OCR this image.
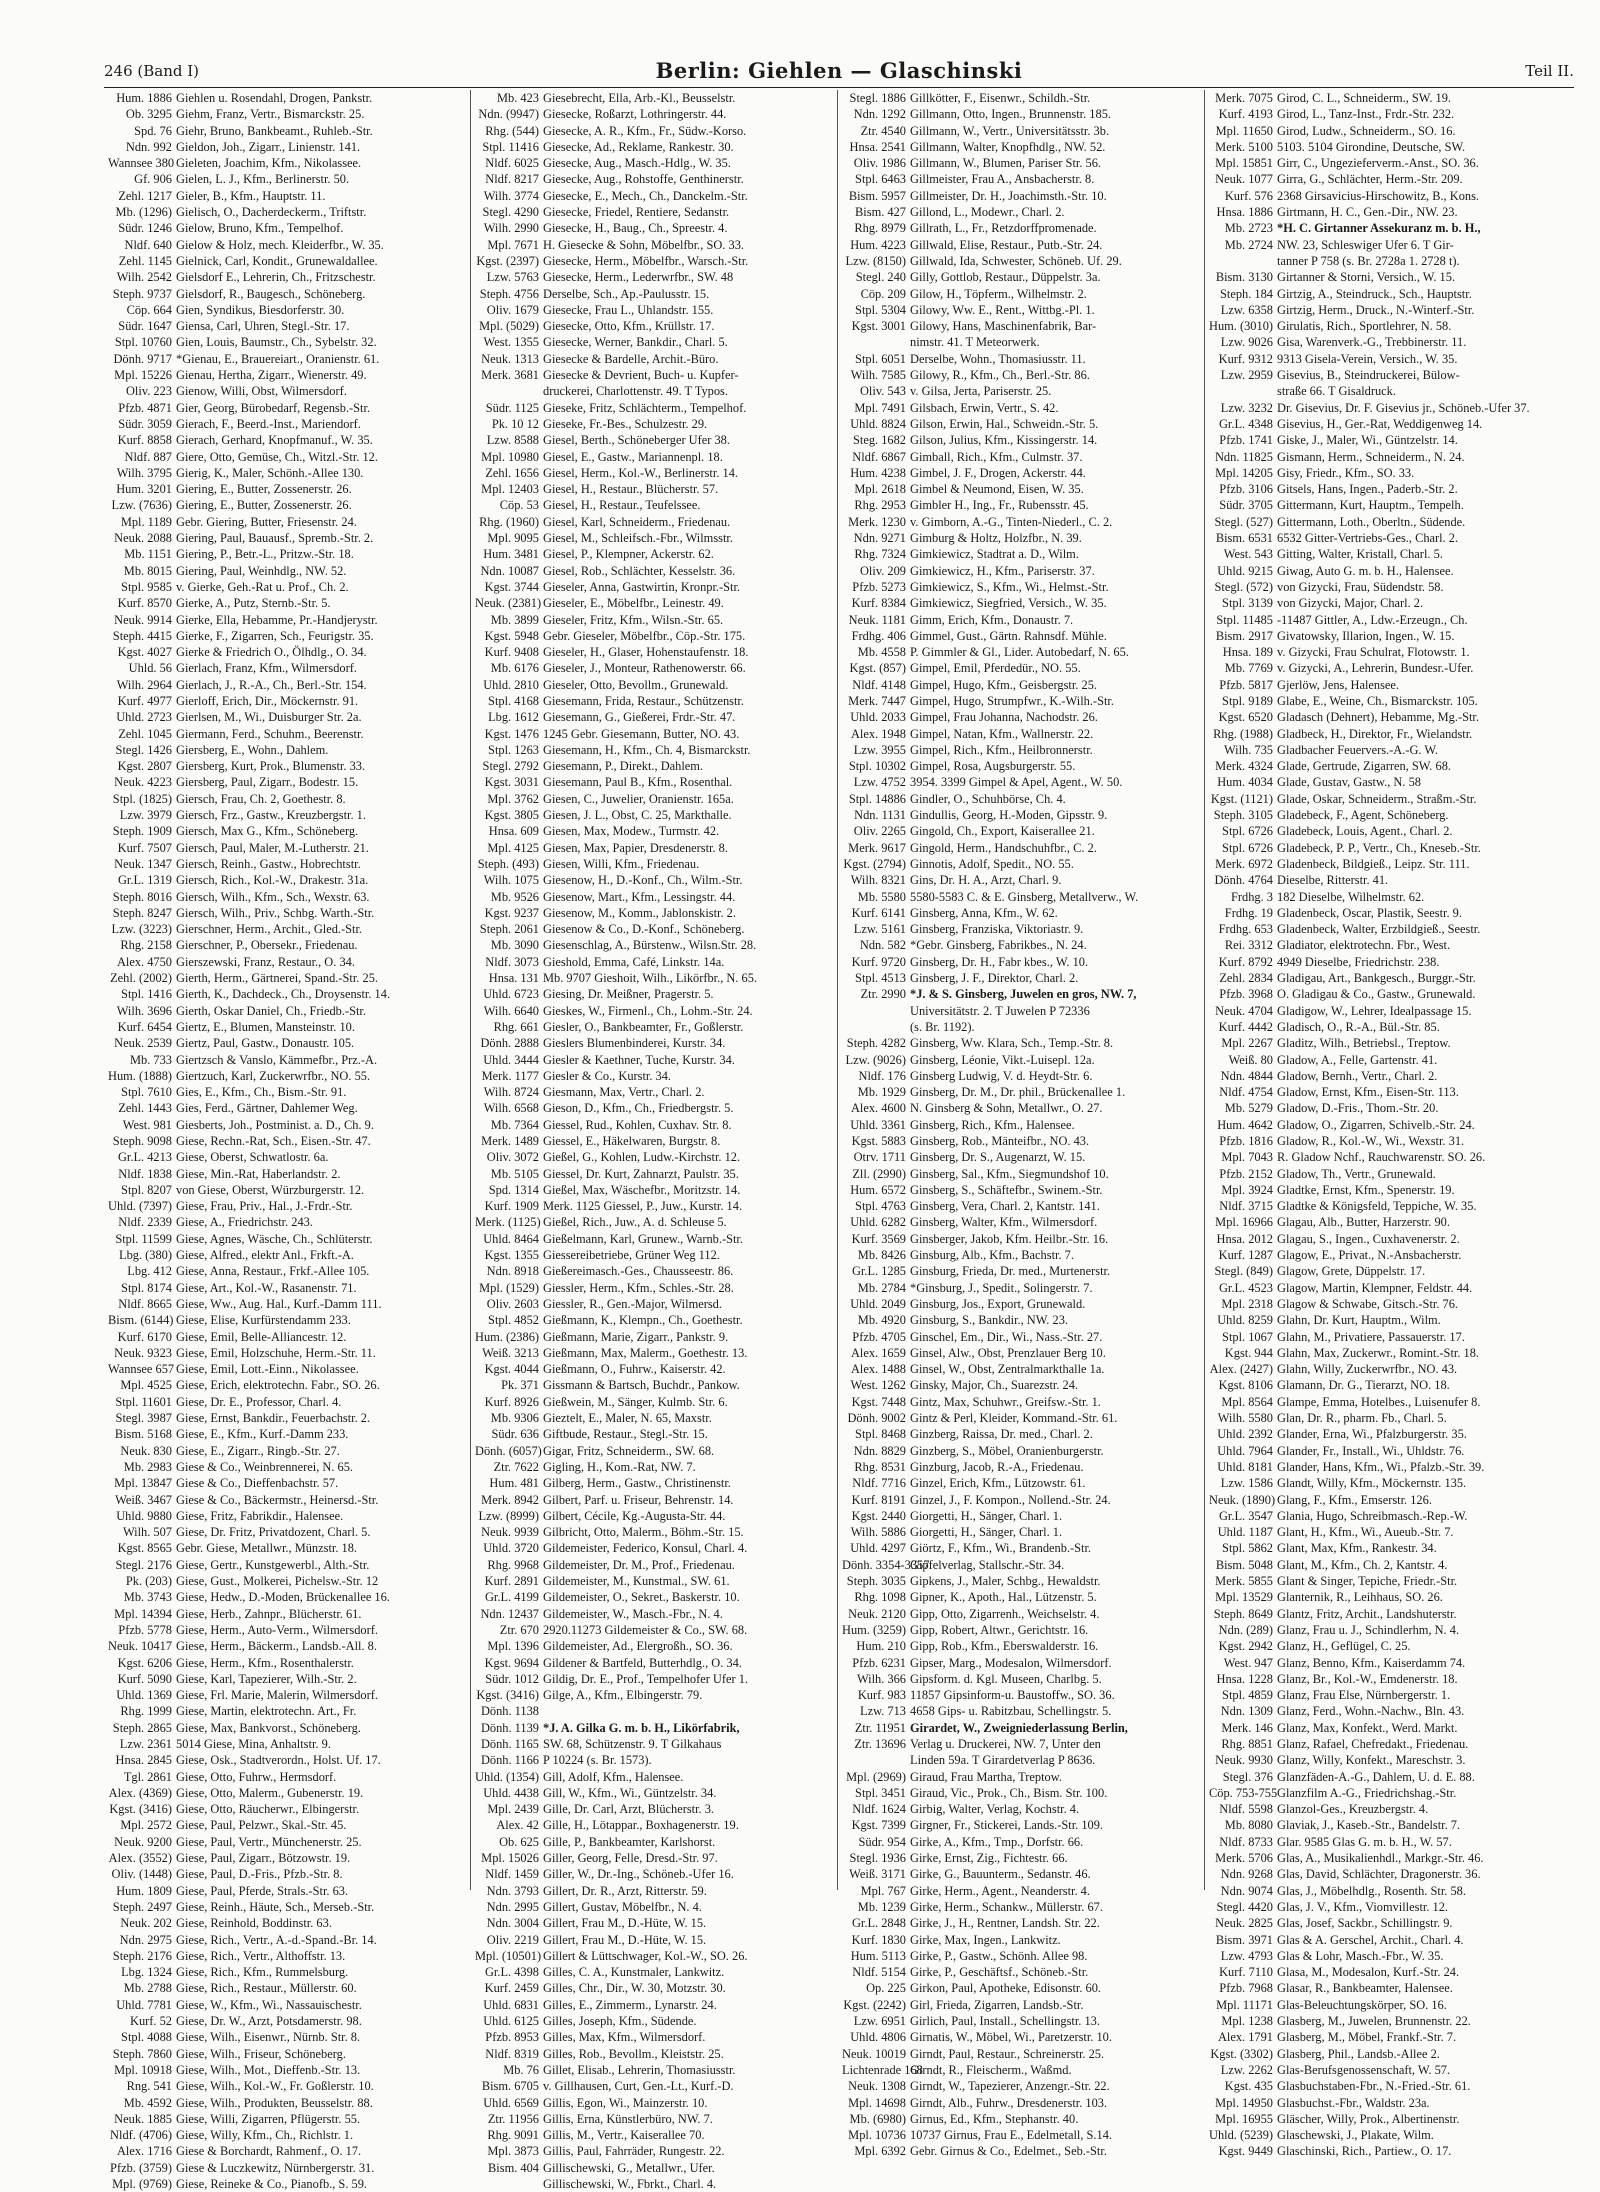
246 (Band I)	Berlin: Giehlen — Glaschinski	Teil II.
Hum. 1886 Giehlen u. Rosendahl, Drogen, Pankstr.
Ob. 3295 Giehm, Franz, Vertr., Bismarckstr. 25.
Spd. 76 Giehr, Bruno, Bankbeamt., Ruhleb.-Str.
Ndn. 992 Gieldon, Joh., Zigarr., Linienstr. 141.
Wannsee 380 Gieleten, Joachim, Kfm., Nikolassee.
Gf. 906 Gielen, L. J., Kfm., Berlinerstr. 50.
Zehl. 1217 Gieler, B., Kfm., Hauptstr. 11.
Mb. (1296) Gielisch, O., Dacherdeckerm., Triftstr.
Südr. 1246 Gielow, Bruno, Kfm., Tempelhof.
Nldf. 640 Gielow & Holz, mech. Kleiderfbr., W. 35.
Zehl. 1145 Gielnick, Carl, Kondit., Grunewaldallee.
Wilh. 2542 Gielsdorf E., Lehrerin, Ch., Fritzschestr.
Steph. 9737 Gielsdorf, R., Baugesch., Schöneberg.
Cöp. 664 Gien, Syndikus, Biesdorferstr. 30.
Südr. 1647 Giensa, Carl, Uhren, Stegl.-Str. 17.
Stpl. 10760 Gien, Louis, Baumstr., Ch., Sybelstr. 32.
Dönh. 9717 *Gienau, E., Brauereiart., Oranienstr. 61.
Mpl. 15226 Gienau, Hertha, Zigarr., Wienerstr. 49.
Oliv. 223 Gienow, Willi, Obst, Wilmersdorf.
Pfzb. 4871 Gier, Georg, Bürobedarf, Regensb.-Str.
Südr. 3059 Gierach, F., Beerd.-Inst., Mariendorf.
Kurf. 8858 Gierach, Gerhard, Knopfmanuf., W. 35.
Nldf. 887 Giere, Otto, Gemüse, Ch., Witzl.-Str. 12.
Wilh. 3795 Gierig, K., Maler, Schönh.-Allee 130.
Hum. 3201 Giering, E., Butter, Zossenerstr. 26.
Lzw. (7636) Giering, E., Butter, Zossenerstr. 26.
Mpl. 1189 Gebr. Giering, Butter, Friesenstr. 24.
Neuk. 2088 Giering, Paul, Bauausf., Spremb.-Str. 2.
Mb. 1151 Giering, P., Betr.-L., Pritzw.-Str. 18.
Mb. 8015 Giering, Paul, Weinhdlg., NW. 52.
Stpl. 9585 v. Gierke, Geh.-Rat u. Prof., Ch. 2.
Kurf. 8570 Gierke, A., Putz, Sternb.-Str. 5.
Neuk. 9914 Gierke, Ella, Hebamme, Pr.-Handjerystr.
Steph. 4415 Gierke, F., Zigarren, Sch., Feurigstr. 35.
Kgst. 4027 Gierke & Friedrich O., Ölhdlg., O. 34.
Uhld. 56 Gierlach, Franz, Kfm., Wilmersdorf.
Wilh. 2964 Gierlach, J., R.-A., Ch., Berl.-Str. 154.
Kurf. 4977 Gierloff, Erich, Dir., Möckernstr. 91.
Uhld. 2723 Gierlsen, M., Wi., Duisburger Str. 2a.
Zehl. 1045 Giermann, Ferd., Schuhm., Beerenstr.
Stegl. 1426 Giersberg, E., Wohn., Dahlem.
Kgst. 2807 Giersberg, Kurt, Prok., Blumenstr. 33.
Neuk. 4223 Giersberg, Paul, Zigarr., Bodestr. 15.
Stpl. (1825) Giersch, Frau, Ch. 2, Goethestr. 8.
Lzw. 3979 Giersch, Frz., Gastw., Kreuzbergstr. 1.
Steph. 1909 Giersch, Max G., Kfm., Schöneberg.
Kurf. 7507 Giersch, Paul, Maler, M.-Lutherstr. 21.
Neuk. 1347 Giersch, Reinh., Gastw., Hobrechtstr.
Gr.L. 1319 Giersch, Rich., Kol.-W., Drakestr. 31a.
Steph. 8016 Giersch, Wilh., Kfm., Sch., Wexstr. 63.
Steph. 8247 Giersch, Wilh., Priv., Schbg. Warth.-Str.
Lzw. (3223) Gierschner, Herm., Archit., Gled.-Str.
Rhg. 2158 Gierschner, P., Obersekr., Friedenau.
Alex. 4750 Gierszewski, Franz, Restaur., O. 34.
Zehl. (2002) Gierth, Herm., Gärtnerei, Spand.-Str. 25.
Stpl. 1416 Gierth, K., Dachdeck., Ch., Droysenstr. 14.
Wilh. 3696 Gierth, Oskar Daniel, Ch., Friedb.-Str.
Kurf. 6454 Giertz, E., Blumen, Mansteinstr. 10.
Neuk. 2539 Giertz, Paul, Gastw., Donaustr. 105.
Mb. 733 Giertzsch & Vanslo, Kämmefbr., Prz.-A.
Hum. (1888) Giertzuch, Karl, Zuckerwrfbr., NO. 55.
Stpl. 7610 Gies, E., Kfm., Ch., Bism.-Str. 91.
Zehl. 1443 Gies, Ferd., Gärtner, Dahlemer Weg.
West. 981 Giesberts, Joh., Postminist. a. D., Ch. 9.
Steph. 9098 Giese, Rechn.-Rat, Sch., Eisen.-Str. 47.
Gr.L. 4213 Giese, Oberst, Schwatlostr. 6a.
Nldf. 1838 Giese, Min.-Rat, Haberlandstr. 2.
Stpl. 8207 von Giese, Oberst, Würzburgerstr. 12.
Uhld. (7397) Giese, Frau, Priv., Hal., J.-Frdr.-Str.
Nldf. 2339 Giese, A., Friedrichstr. 243.
Stpl. 11599 Giese, Agnes, Wäsche, Ch., Schlüterstr.
Lbg. (380) Giese, Alfred., elektr Anl., Frkft.-A.
Lbg. 412 Giese, Anna, Restaur., Frkf.-Allee 105.
Stpl. 8174 Giese, Art., Kol.-W., Rasanenstr. 71.
Nldf. 8665 Giese, Ww., Aug. Hal., Kurf.-Damm 111.
Bism. (6144) Giese, Elise, Kurfürstendamm 233.
Kurf. 6170 Giese, Emil, Belle-Alliancestr. 12.
Neuk. 9323 Giese, Emil, Holzschuhe, Herm.-Str. 11.
Wannsee 657 Giese, Emil, Lott.-Einn., Nikolassee.
Mpl. 4525 Giese, Erich, elektrotechn. Fabr., SO. 26.
Stpl. 11601 Giese, Dr. E., Professor, Charl. 4.
Stegl. 3987 Giese, Ernst, Bankdir., Feuerbachstr. 2.
Bism. 5168 Giese, E., Kfm., Kurf.-Damm 233.
Neuk. 830 Giese, E., Zigarr., Ringb.-Str. 27.
Mb. 2983 Giese & Co., Weinbrennerei, N. 65.
Mpl. 13847 Giese & Co., Dieffenbachstr. 57.
Weiß. 3467 Giese & Co., Bäckermstr., Heinersd.-Str.
Uhld. 9880 Giese, Fritz, Fabrikdir., Halensee.
Wilh. 507 Giese, Dr. Fritz, Privatdozent, Charl. 5.
Kgst. 8565 Gebr. Giese, Metallwr., Münzstr. 18.
Stegl. 2176 Giese, Gertr., Kunstgewerbl., Alth.-Str.
Pk. (203) Giese, Gust., Molkerei, Pichelsw.-Str. 12
Mb. 3743 Giese, Hedw., D.-Moden, Brückenallee 16.
Mpl. 14394 Giese, Herb., Zahnpr., Blücherstr. 61.
Pfzb. 5778 Giese, Herm., Auto-Verm., Wilmersdorf.
Neuk. 10417 Giese, Herm., Bäckerm., Landsb.-All. 8.
Kgst. 6206 Giese, Herm., Kfm., Rosenthalerstr.
Kurf. 5090 Giese, Karl, Tapezierer, Wilh.-Str. 2.
Uhld. 1369 Giese, Frl. Marie, Malerin, Wilmersdorf.
Rhg. 1999 Giese, Martin, elektrotechn. Art., Fr.
Steph. 2865 Giese, Max, Bankvorst., Schöneberg.
Lzw. 2361 5014 Giese, Mina, Anhaltstr. 9.
Hnsa. 2845 Giese, Osk., Stadtverordn., Holst. Uf. 17.
Tgl. 2861 Giese, Otto, Fuhrw., Hermsdorf.
Alex. (4369) Giese, Otto, Malerm., Gubenerstr. 19.
Kgst. (3416) Giese, Otto, Räucherwr., Elbingerstr.
Mpl. 2572 Giese, Paul, Pelzwr., Skal.-Str. 45.
Neuk. 9200 Giese, Paul, Vertr., Münchenerstr. 25.
Alex. (3552) Giese, Paul, Zigarr., Bötzowstr. 19.
Oliv. (1448) Giese, Paul, D.-Fris., Pfzb.-Str. 8.
Hum. 1809 Giese, Paul, Pferde, Strals.-Str. 63.
Steph. 2497 Giese, Reinh., Häute, Sch., Merseb.-Str.
Neuk. 202 Giese, Reinhold, Boddinstr. 63.
Ndn. 2975 Giese, Rich., Vertr., A.-d.-Spand.-Br. 14.
Steph. 2176 Giese, Rich., Vertr., Althoffstr. 13.
Lbg. 1324 Giese, Rich., Kfm., Rummelsburg.
Mb. 2788 Giese, Rich., Restaur., Müllerstr. 60.
Uhld. 7781 Giese, W., Kfm., Wi., Nassauischestr.
Kurf. 52 Giese, Dr. W., Arzt, Potsdamerstr. 98.
Stpl. 4088 Giese, Wilh., Eisenwr., Nürnb. Str. 8.
Steph. 7860 Giese, Wilh., Friseur, Schöneberg.
Mpl. 10918 Giese, Wilh., Mot., Dieffenb.-Str. 13.
Rng. 541 Giese, Wilh., Kol.-W., Fr. Goßlerstr. 10.
Mb. 4592 Giese, Wilh., Produkten, Beusselstr. 88.
Neuk. 1885 Giese, Willi, Zigarren, Pflügerstr. 55.
Nldf. (4706) Giese, Willy, Kfm., Ch., Richlstr. 1.
Alex. 1716 Giese & Borchardt, Rahmenf., O. 17.
Pfzb. (3759) Giese & Luczkewitz, Nürnbergerstr. 31.
Mpl. (9769) Giese, Reineke & Co., Pianofb., S. 59.
Mb. 423 Giesebrecht, Ella, Arb.-Kl., Beusselstr.
Ndn. (9947) Giesecke, Roßarzt, Lothringerstr. 44.
Rhg. (544) Giesecke, A. R., Kfm., Fr., Südw.-Korso.
Stpl. 11416 Giesecke, Ad., Reklame, Rankestr. 30.
Nldf. 6025 Giesecke, Aug., Masch.-Hdlg., W. 35.
Nldf. 8217 Giesecke, Aug., Rohstoffe, Genthinerstr.
Wilh. 3774 Giesecke, E., Mech., Ch., Danckelm.-Str.
Stegl. 4290 Giesecke, Friedel, Rentiere, Sedanstr.
Wilh. 2990 Giesecke, H., Baug., Ch., Spreestr. 4.
Mpl. 7671 H. Giesecke & Sohn, Möbelfbr., SO. 33.
Kgst. (2397) Giesecke, Herm., Möbelfbr., Warsch.-Str.
Lzw. 5763 Giesecke, Herm., Lederwrfbr., SW. 48
Steph. 4756 Derselbe, Sch., Ap.-Paulusstr. 15.
Oliv. 1679 Giesecke, Frau L., Uhlandstr. 155.
Mpl. (5029) Giesecke, Otto, Kfm., Krüllstr. 17.
West. 1355 Giesecke, Werner, Bankdir., Charl. 5.
Neuk. 1313 Giesecke & Bardelle, Archit.-Büro.
Merk. 3681 Giesecke & Devrient, Buch- u. Kupfer-
druckerei, Charlottenstr. 49. T Typos.
Südr. 1125 Gieseke, Fritz, Schlächterm., Tempelhof.
Pk. 10 12 Gieseke, Fr.-Bes., Schulzestr. 29.
Lzw. 8588 Giesel, Berth., Schöneberger Ufer 38.
Mpl. 10980 Giesel, E., Gastw., Mariannenpl. 18.
Zehl. 1656 Giesel, Herm., Kol.-W., Berlinerstr. 14.
Mpl. 12403 Giesel, H., Restaur., Blücherstr. 57.
Cöp. 53 Giesel, H., Restaur., Teufelssee.
Rhg. (1960) Giesel, Karl, Schneiderm., Friedenau.
Mpl. 9095 Giesel, M., Schleifsch.-Fbr., Wilmsstr.
Hum. 3481 Giesel, P., Klempner, Ackerstr. 62.
Ndn. 10087 Giesel, Rob., Schlächter, Kesselstr. 36.
Kgst. 3744 Gieseler, Anna, Gastwirtin, Kronpr.-Str.
Neuk. (2381) Gieseler, E., Möbelfbr., Leinestr. 49.
Mb. 3899 Gieseler, Fritz, Kfm., Wilsn.-Str. 65.
Kgst. 5948 Gebr. Gieseler, Möbelfbr., Cöp.-Str. 175.
Kurf. 9408 Gieseler, H., Glaser, Hohenstaufenstr. 18.
Mb. 6176 Gieseler, J., Monteur, Rathenowerstr. 66.
Uhld. 2810 Gieseler, Otto, Bevollm., Grunewald.
Stpl. 4168 Giesemann, Frida, Restaur., Schützenstr.
Lbg. 1612 Giesemann, G., Gießerei, Frdr.-Str. 47.
Kgst. 1476 1245 Gebr. Giesemann, Butter, NO. 43.
Stpl. 1263 Giesemann, H., Kfm., Ch. 4, Bismarckstr.
Stegl. 2792 Giesemann, P., Direkt., Dahlem.
Kgst. 3031 Giesemann, Paul B., Kfm., Rosenthal.
Mpl. 3762 Giesen, C., Juwelier, Oranienstr. 165a.
Kgst. 3805 Giesen, J. L., Obst, C. 25, Markthalle.
Hnsa. 609 Giesen, Max, Modew., Turmstr. 42.
Mpl. 4125 Giesen, Max, Papier, Dresdenerstr. 8.
Steph. (493) Giesen, Willi, Kfm., Friedenau.
Wilh. 1075 Giesenow, H., D.-Konf., Ch., Wilm.-Str.
Mb. 9526 Giesenow, Mart., Kfm., Lessingstr. 44.
Kgst. 9237 Giesenow, M., Komm., Jablonskistr. 2.
Steph. 2061 Giesenow & Co., D.-Konf., Schöneberg.
Mb. 3090 Giesenschlag, A., Bürstenw., Wilsn.Str. 28.
Nldf. 3073 Gieshold, Emma, Café, Linkstr. 14a.
Hnsa. 131 Mb. 9707 Gieshoit, Wilh., Likörfbr., N. 65.
Uhld. 6723 Giesing, Dr. Meißner, Pragerstr. 5.
Wilh. 6640 Gieskes, W., Firmenl., Ch., Lohm.-Str. 24.
Rhg. 661 Giesler, O., Bankbeamter, Fr., Goßlerstr.
Dönh. 2888 Gieslers Blumenbinderei, Kurstr. 34.
Uhld. 3444 Giesler & Kaethner, Tuche, Kurstr. 34.
Merk. 1177 Giesler & Co., Kurstr. 34.
Wilh. 8724 Giesmann, Max, Vertr., Charl. 2.
Wilh. 6568 Gieson, D., Kfm., Ch., Friedbergstr. 5.
Mb. 7364 Giessel, Rud., Kohlen, Cuxhav. Str. 8.
Merk. 1489 Giessel, E., Häkelwaren, Burgstr. 8.
Oliv. 3072 Gießel, G., Kohlen, Ludw.-Kirchstr. 12.
Mb. 5105 Giessel, Dr. Kurt, Zahnarzt, Paulstr. 35.
Spd. 1314 Gießel, Max, Wäschefbr., Moritzstr. 14.
Kurf. 1909 Merk. 1125 Giessel, P., Juw., Kurstr. 14.
Merk. (1125) Gießel, Rich., Juw., A. d. Schleuse 5.
Uhld. 8464 Gießelmann, Karl, Grunew., Warnb.-Str.
Kgst. 1355 Giessereibetriebe, Grüner Weg 112.
Ndn. 8918 Gießereimasch.-Ges., Chausseestr. 86.
Mpl. (1529) Giessler, Herm., Kfm., Schles.-Str. 28.
Oliv. 2603 Giessler, R., Gen.-Major, Wilmersd.
Stpl. 4852 Gießmann, K., Klempn., Ch., Goethestr.
Hum. (2386) Gießmann, Marie, Zigarr., Pankstr. 9.
Weiß. 3213 Gießmann, Max, Malerm., Goethestr. 13.
Kgst. 4044 Gießmann, O., Fuhrw., Kaiserstr. 42.
Pk. 371 Gissmann & Bartsch, Buchdr., Pankow.
Kurf. 8926 Gießwein, M., Sänger, Kulmb. Str. 6.
Mb. 9306 Gieztelt, E., Maler, N. 65, Maxstr.
Südr. 636 Giftbude, Restaur., Stegl.-Str. 15.
Dönh. (6057) Gigar, Fritz, Schneiderm., SW. 68.
Ztr. 7622 Gigling, H., Kom.-Rat, NW. 7.
Hum. 481 Gilberg, Herm., Gastw., Christinenstr.
Merk. 8942 Gilbert, Parf. u. Friseur, Behrenstr. 14.
Lzw. (8999) Gilbert, Cécile, Kg.-Augusta-Str. 44.
Neuk. 9939 Gilbricht, Otto, Malerm., Böhm.-Str. 15.
Uhld. 3720 Gildemeister, Federico, Konsul, Charl. 4.
Rhg. 9968 Gildemeister, Dr. M., Prof., Friedenau.
Kurf. 2891 Gildemeister, M., Kunstmal., SW. 61.
Gr.L. 4199 Gildemeister, O., Sekret., Baskerstr. 10.
Ndn. 12437 Gildemeister, W., Masch.-Fbr., N. 4.
Ztr. 670 2920.11273 Gildemeister & Co., SW. 68.
Mpl. 1396 Gildemeister, Ad., Elergroßh., SO. 36.
Kgst. 9694 Gildener & Bartfeld, Butterhdlg., O. 34.
Südr. 1012 Gildig, Dr. E., Prof., Tempelhofer Ufer 1.
Kgst. (3416) Gilge, A., Kfm., Elbingerstr. 79.
Dönh. 1138
Dönh. 1139 *J. A. Gilka G. m. b. H., Likörfabrik,
Dönh. 1165 SW. 68, Schützenstr. 9. T Gilkahaus
Dönh. 1166 P 10224 (s. Br. 1573).
Uhld. (1354) Gill, Adolf, Kfm., Halensee.
Uhld. 4438 Gill, W., Kfm., Wi., Güntzelstr. 34.
Mpl. 2439 Gille, Dr. Carl, Arzt, Blücherstr. 3.
Alex. 42 Gille, H., Lötappar., Boxhagenerstr. 19.
Ob. 625 Gille, P., Bankbeamter, Karlshorst.
Mpl. 15026 Giller, Georg, Felle, Dresd.-Str. 97.
Nldf. 1459 Giller, W., Dr.-Ing., Schöneb.-Ufer 16.
Ndn. 3793 Gillert, Dr. R., Arzt, Ritterstr. 59.
Ndn. 2995 Gillert, Gustav, Möbelfbr., N. 4.
Ndn. 3004 Gillert, Frau M., D.-Hüte, W. 15.
Oliv. 2219 Gillert, Frau M., D.-Hüte, W. 15.
Mpl. (10501) Gillert & Lüttschwager, Kol.-W., SO. 26.
Gr.L. 4398 Gilles, C. A., Kunstmaler, Lankwitz.
Kurf. 2459 Gilles, Chr., Dir., W. 30, Motzstr. 30.
Uhld. 6831 Gilles, E., Zimmerm., Lynarstr. 24.
Uhld. 6125 Gilles, Joseph, Kfm., Südende.
Pfzb. 8953 Gilles, Max, Kfm., Wilmersdorf.
Nldf. 8319 Gilles, Rob., Bevollm., Kleiststr. 25.
Mb. 76 Gillet, Elisab., Lehrerin, Thomasiusstr.
Bism. 6705 v. Gillhausen, Curt, Gen.-Lt., Kurf.-D.
Uhld. 6569 Gillis, Egon, Wi., Mainzerstr. 10.
Ztr. 11956 Gillis, Erna, Künstlerbüro, NW. 7.
Rhg. 9091 Gillis, M., Vertr., Kaiserallee 70.
Mpl. 3873 Gillis, Paul, Fahrräder, Rungestr. 22.
Bism. 404 Gillischewski, G., Metallwr., Ufer.
Gillischewski, W., Fbrkt., Charl. 4.
Stegl. 1886 Gillkötter, F., Eisenwr., Schildh.-Str.
Ndn. 1292 Gillmann, Otto, Ingen., Brunnenstr. 185.
Ztr. 4540 Gillmann, W., Vertr., Universitätsstr. 3b.
Hnsa. 2541 Gillmann, Walter, Knopfhdlg., NW. 52.
Oliv. 1986 Gillmann, W., Blumen, Pariser Str. 56.
Stpl. 6463 Gillmeister, Frau A., Ansbacherstr. 8.
Bism. 5957 Gillmeister, Dr. H., Joachimsth.-Str. 10.
Bism. 427 Gillond, L., Modewr., Charl. 2.
Rhg. 8979 Gillrath, L., Fr., Retzdorffpromenade.
Hum. 4223 Gillwald, Elise, Restaur., Putb.-Str. 24.
Lzw. (8150) Gillwald, Ida, Schwester, Schöneb. Uf. 29.
Stegl. 240 Gilly, Gottlob, Restaur., Düppelstr. 3a.
Cöp. 209 Gilow, H., Töpferm., Wilhelmstr. 2.
Stpl. 5304 Gilowy, Ww. E., Rent., Wittbg.-Pl. 1.
Kgst. 3001 Gilowy, Hans, Maschinenfabrik, Bar-
nimstr. 41. T Meteorwerk.
Stpl. 6051 Derselbe, Wohn., Thomasiusstr. 11.
Wilh. 7585 Gilowy, R., Kfm., Ch., Berl.-Str. 86.
Oliv. 543 v. Gilsa, Jerta, Pariserstr. 25.
Mpl. 7491 Gilsbach, Erwin, Vertr., S. 42.
Uhld. 8824 Gilson, Erwin, Hal., Schweidn.-Str. 5.
Steg. 1682 Gilson, Julius, Kfm., Kissingerstr. 14.
Nldf. 6867 Gimball, Rich., Kfm., Culmstr. 37.
Hum. 4238 Gimbel, J. F., Drogen, Ackerstr. 44.
Mpl. 2618 Gimbel & Neumond, Eisen, W. 35.
Rhg. 2953 Gimbler H., Ing., Fr., Rubensstr. 45.
Merk. 1230 v. Gimborn, A.-G., Tinten-Niederl., C. 2.
Ndn. 9271 Gimburg & Holtz, Holzfbr., N. 39.
Rhg. 7324 Gimkiewicz, Stadtrat a. D., Wilm.
Oliv. 209 Gimkiewicz, H., Kfm., Pariserstr. 37.
Pfzb. 5273 Gimkiewicz, S., Kfm., Wi., Helmst.-Str.
Kurf. 8384 Gimkiewicz, Siegfried, Versich., W. 35.
Neuk. 1181 Gimm, Erich, Kfm., Donaustr. 7.
Frdhg. 406 Gimmel, Gust., Gärtn. Rahnsdf. Mühle.
Mb. 4558 P. Gimmler & Gl., Lider. Autobedarf, N. 65.
Kgst. (857) Gimpel, Emil, Pferdedür., NO. 55.
Nldf. 4148 Gimpel, Hugo, Kfm., Geisbergstr. 25.
Merk. 7447 Gimpel, Hugo, Strumpfwr., K.-Wilh.-Str.
Uhld. 2033 Gimpel, Frau Johanna, Nachodstr. 26.
Alex. 1948 Gimpel, Natan, Kfm., Wallnerstr. 22.
Lzw. 3955 Gimpel, Rich., Kfm., Heilbronnerstr.
Stpl. 10302 Gimpel, Rosa, Augsburgerstr. 55.
Lzw. 4752 3954. 3399 Gimpel & Apel, Agent., W. 50.
Stpl. 14886 Gindler, O., Schuhbörse, Ch. 4.
Ndn. 1131 Gindullis, Georg, H.-Moden, Gipsstr. 9.
Oliv. 2265 Gingold, Ch., Export, Kaiserallee 21.
Merk. 9617 Gingold, Herm., Handschuhfbr., C. 2.
Kgst. (2794) Ginnotis, Adolf, Spedit., NO. 55.
Wilh. 8321 Gins, Dr. H. A., Arzt, Charl. 9.
Mb. 5580 5580-5583 C. & E. Ginsberg, Metallverw., W.
Kurf. 6141 Ginsberg, Anna, Kfm., W. 62.
Lzw. 5161 Ginsberg, Franziska, Viktoriastr. 9.
Ndn. 582 *Gebr. Ginsberg, Fabrikbes., N. 24.
Kurf. 9720 Ginsberg, Dr. H., Fabr kbes., W. 10.
Stpl. 4513 Ginsberg, J. F., Direktor, Charl. 2.
Ztr. 2990 *J. & S. Ginsberg, Juwelen en gros, NW. 7,
Universitätstr. 2. T Juwelen P 72336
(s. Br. 1192).
Steph. 4282 Ginsberg, Ww. Klara, Sch., Temp.-Str. 8.
Lzw. (9026) Ginsberg, Léonie, Vikt.-Luisepl. 12a.
Nldf. 176 Ginsberg Ludwig, V. d. Heydt-Str. 6.
Mb. 1929 Ginsberg, Dr. M., Dr. phil., Brückenallee 1.
Alex. 4600 N. Ginsberg & Sohn, Metallwr., O. 27.
Uhld. 3361 Ginsberg, Rich., Kfm., Halensee.
Kgst. 5883 Ginsberg, Rob., Mänteifbr., NO. 43.
Otrv. 1711 Ginsberg, Dr. S., Augenarzt, W. 15.
Zll. (2990) Ginsberg, Sal., Kfm., Siegmundshof 10.
Hum. 6572 Ginsberg, S., Schäftefbr., Swinem.-Str.
Stpl. 4763 Ginsberg, Vera, Charl. 2, Kantstr. 141.
Uhld. 6282 Ginsberg, Walter, Kfm., Wilmersdorf.
Kurf. 3569 Ginsberger, Jakob, Kfm. Heilbr.-Str. 16.
Mb. 8426 Ginsburg, Alb., Kfm., Bachstr. 7.
Gr.L. 1285 Ginsburg, Frieda, Dr. med., Murtenerstr.
Mb. 2784 *Ginsburg, J., Spedit., Solingerstr. 7.
Uhld. 2049 Ginsburg, Jos., Export, Grunewald.
Mb. 4920 Ginsburg, S., Bankdir., NW. 23.
Pfzb. 4705 Ginschel, Em., Dir., Wi., Nass.-Str. 27.
Alex. 1659 Ginsel, Alw., Obst, Prenzlauer Berg 10.
Alex. 1488 Ginsel, W., Obst, Zentralmarkthalle 1a.
West. 1262 Ginsky, Major, Ch., Suarezstr. 24.
Kgst. 7448 Gintz, Max, Schuhwr., Greifsw.-Str. 1.
Dönh. 9002 Gintz & Perl, Kleider, Kommand.-Str. 61.
Stpl. 8468 Ginzberg, Raissa, Dr. med., Charl. 2.
Ndn. 8829 Ginzberg, S., Möbel, Oranienburgerstr.
Rhg. 8531 Ginzburg, Jacob, R.-A., Friedenau.
Nldf. 7716 Ginzel, Erich, Kfm., Lützowstr. 61.
Kurf. 8191 Ginzel, J., F. Kompon., Nollend.-Str. 24.
Kgst. 2440 Giorgetti, H., Sänger, Charl. 1.
Wilh. 5886 Giorgetti, H., Sänger, Charl. 1.
Uhld. 4297 Giörtz, F., Kfm., Wi., Brandenb.-Str.
Dönh. 3354-3357
Gipfelverlag, Stallschr.-Str. 34.
Steph. 3035 Gipkens, J., Maler, Schbg., Hewaldstr.
Rhg. 1098 Gipner, K., Apoth., Hal., Lützenstr. 5.
Neuk. 2120 Gipp, Otto, Zigarrenh., Weichselstr. 4.
Hum. (3259) Gipp, Robert, Altwr., Gerichtstr. 16.
Hum. 210 Gipp, Rob., Kfm., Eberswalderstr. 16.
Pfzb. 6231 Gipser, Marg., Modesalon, Wilmersdorf.
Wilh. 366 Gipsform. d. Kgl. Museen, Charlbg. 5.
Kurf. 983 11857 Gipsinform-u. Baustoffw., SO. 36.
Lzw. 713 4658 Gips- u. Rabitzbau, Schellingstr. 5.
Ztr. 11951 Girardet, W., Zweigniederlassung Berlin,
Ztr. 13696 Verlag u. Druckerei, NW. 7, Unter den
Linden 59a. T Girardetverlag P 8636.
Mpl. (2969) Giraud, Frau Martha, Treptow.
Stpl. 3451 Giraud, Vic., Prok., Ch., Bism. Str. 100.
Nldf. 1624 Girbig, Walter, Verlag, Kochstr. 4.
Kgst. 7399 Girgner, Fr., Stickerei, Lands.-Str. 109.
Südr. 954 Girke, A., Kfm., Tmp., Dorfstr. 66.
Stegl. 1936 Girke, Ernst, Zig., Fichtestr. 66.
Weiß. 3171 Girke, G., Bauunterm., Sedanstr. 46.
Mpl. 767 Girke, Herm., Agent., Neanderstr. 4.
Mb. 1239 Girke, Herm., Schankw., Müllerstr. 67.
Gr.L. 2848 Girke, J., H., Rentner, Landsh. Str. 22.
Kurf. 1830 Girke, Max, Ingen., Lankwitz.
Hum. 5113 Girke, P., Gastw., Schönh. Allee 98.
Nldf. 5154 Girke, P., Geschäftsf., Schöneb.-Str.
Op. 225 Girkon, Paul, Apotheke, Edisonstr. 60.
Kgst. (2242) Girl, Frieda, Zigarren, Landsb.-Str.
Lzw. 6951 Girlich, Paul, Install., Schellingstr. 13.
Uhld. 4806 Girnatis, W., Möbel, Wi., Paretzerstr. 10.
Neuk. 10019 Girndt, Paul, Restaur., Schreinerstr. 25.
Lichtenrade 168
Girndt, R., Fleischerm., Waßmd.
Neuk. 1308 Girndt, W., Tapezierer, Anzengr.-Str. 22.
Mpl. 14698 Girndt, Alb., Fuhrw., Dresdenerstr. 103.
Mb. (6980) Girnus, Ed., Kfm., Stephanstr. 40.
Mpl. 10736 10737 Girnus, Frau E., Edelmetall, S.14.
Mpl. 6392 Gebr. Girnus & Co., Edelmet., Seb.-Str.
Merk. 7075 Girod, C. L., Schneiderm., SW. 19.
Kurf. 4193 Girod, L., Tanz-Inst., Frdr.-Str. 232.
Mpl. 11650 Girod, Ludw., Schneiderm., SO. 16.
Merk. 5100 5103. 5104 Girondine, Deutsche, SW.
Mpl. 15851 Girr, C., Ungezieferverm.-Anst., SO. 36.
Neuk. 1077 Girra, G., Schlächter, Herm.-Str. 209.
Kurf. 576 2368 Girsavicius-Hirschowitz, B., Kons.
Hnsa. 1886 Girtmann, H. C., Gen.-Dir., NW. 23.
Mb. 2723 *H. C. Girtanner Assekuranz m. b. H.,
Mb. 2724 NW. 23, Schleswiger Ufer 6. T Gir-
tanner P 758 (s. Br. 2728a 1. 2728 t).
Bism. 3130 Girtanner & Storni, Versich., W. 15.
Steph. 184 Girtzig, A., Steindruck., Sch., Hauptstr.
Lzw. 6358 Girtzig, Herm., Druck., N.-Winterf.-Str.
Hum. (3010) Girulatis, Rich., Sportlehrer, N. 58.
Lzw. 9026 Gisa, Warenverk.-G., Trebbinerstr. 11.
Kurf. 9312 9313 Gisela-Verein, Versich., W. 35.
Lzw. 2959 Gisevius, B., Steindruckerei, Bülow-
straße 66. T Gisaldruck.
Lzw. 3232 Dr. Gisevius, Dr. F. Gisevius jr., Schöneb.-Ufer 37.
Gr.L. 4348 Gisevius, H., Ger.-Rat, Weddigenweg 14.
Pfzb. 1741 Giske, J., Maler, Wi., Güntzelstr. 14.
Ndn. 11825 Gismann, Herm., Schneiderm., N. 24.
Mpl. 14205 Gisy, Friedr., Kfm., SO. 33.
Pfzb. 3106 Gitsels, Hans, Ingen., Paderb.-Str. 2.
Südr. 3705 Gittermann, Kurt, Hauptm., Tempelh.
Stegl. (527) Gittermann, Loth., Oberltn., Südende.
Bism. 6531 6532 Gitter-Vertriebs-Ges., Charl. 2.
West. 543 Gitting, Walter, Kristall, Charl. 5.
Uhld. 9215 Giwag, Auto G. m. b. H., Halensee.
Stegl. (572) von Gizycki, Frau, Südendstr. 58.
Stpl. 3139 von Gizycki, Major, Charl. 2.
Stpl. 11485 -11487 Gittler, A., Ldw.-Erzeugn., Ch.
Bism. 2917 Givatowsky, Illarion, Ingen., W. 15.
Hnsa. 189 v. Gizycki, Frau Schulrat, Flotowstr. 1.
Mb. 7769 v. Gizycki, A., Lehrerin, Bundesr.-Ufer.
Pfzb. 5817 Gjerlöw, Jens, Halensee.
Stpl. 9189 Glabe, E., Weine, Ch., Bismarckstr. 105.
Kgst. 6520 Gladasch (Dehnert), Hebamme, Mg.-Str.
Rhg. (1988) Gladbeck, H., Direktor, Fr., Wielandstr.
Wilh. 735 Gladbacher Feuervers.-A.-G. W.
Merk. 4324 Glade, Gertrude, Zigarren, SW. 68.
Hum. 4034 Glade, Gustav, Gastw., N. 58
Kgst. (1121) Glade, Oskar, Schneiderm., Straßm.-Str.
Steph. 3105 Gladebeck, F., Agent, Schöneberg.
Stpl. 6726 Gladebeck, Louis, Agent., Charl. 2.
Stpl. 6726 Gladebeck, P. P., Vertr., Ch., Kneseb.-Str.
Merk. 6972 Gladenbeck, Bildgieß., Leipz. Str. 111.
Dönh. 4764 Dieselbe, Ritterstr. 41.
Frdhg. 3 182 Dieselbe, Wilhelmstr. 62.
Frdhg. 19 Gladenbeck, Oscar, Plastik, Seestr. 9.
Frdhg. 653 Gladenbeck, Walter, Erzbildgieß., Seestr.
Rei. 3312 Gladiator, elektrotechn. Fbr., West.
Kurf. 8792 4949 Dieselbe, Friedrichstr. 238.
Zehl. 2834 Gladigau, Art., Bankgesch., Burggr.-Str.
Pfzb. 3968 O. Gladigau & Co., Gastw., Grunewald.
Neuk. 4704 Gladigow, W., Lehrer, Idealpassage 15.
Kurf. 4442 Gladisch, O., R.-A., Bül.-Str. 85.
Mpl. 2267 Gladitz, Wilh., Betriebsl., Treptow.
Weiß. 80 Gladow, A., Felle, Gartenstr. 41.
Ndn. 4844 Gladow, Bernh., Vertr., Charl. 2.
Nldf. 4754 Gladow, Ernst, Kfm., Eisen-Str. 113.
Mb. 5279 Gladow, D.-Fris., Thom.-Str. 20.
Hum. 4642 Gladow, O., Zigarren, Schivelb.-Str. 24.
Pfzb. 1816 Gladow, R., Kol.-W., Wi., Wexstr. 31.
Mpl. 7043 R. Gladow Nchf., Rauchwarenstr. SO. 26.
Pfzb. 2152 Gladow, Th., Vertr., Grunewald.
Mpl. 3924 Gladtke, Ernst, Kfm., Spenerstr. 19.
Nldf. 3715 Gladtke & Königsfeld, Teppiche, W. 35.
Mpl. 16966 Glagau, Alb., Butter, Harzerstr. 90.
Hnsa. 2012 Glagau, S., Ingen., Cuxhavenerstr. 2.
Kurf. 1287 Glagow, E., Privat., N.-Ansbacherstr.
Stegl. (849) Glagow, Grete, Düppelstr. 17.
Gr.L. 4523 Glagow, Martin, Klempner, Feldstr. 44.
Mpl. 2318 Glagow & Schwabe, Gitsch.-Str. 76.
Uhld. 8259 Glahn, Dr. Kurt, Hauptm., Wilm.
Stpl. 1067 Glahn, M., Privatiere, Passauerstr. 17.
Kgst. 944 Glahn, Max, Zuckerwr., Romint.-Str. 18.
Alex. (2427) Glahn, Willy, Zuckerwrfbr., NO. 43.
Kgst. 8106 Glamann, Dr. G., Tierarzt, NO. 18.
Mpl. 8564 Glampe, Emma, Hotelbes., Luisenufer 8.
Wilh. 5580 Glan, Dr. R., pharm. Fb., Charl. 5.
Uhld. 2392 Glander, Erna, Wi., Pfalzburgerstr. 35.
Uhld. 7964 Glander, Fr., Install., Wi., Uhldstr. 76.
Uhld. 8181 Glander, Hans, Kfm., Wi., Pfalzb.-Str. 39.
Lzw. 1586 Glandt, Willy, Kfm., Möckernstr. 135.
Neuk. (1890) Glang, F., Kfm., Emserstr. 126.
Gr.L. 3547 Glania, Hugo, Schreibmasch.-Rep.-W.
Uhld. 1187 Glant, H., Kfm., Wi., Aueub.-Str. 7.
Stpl. 5862 Glant, Max, Kfm., Rankestr. 34.
Bism. 5048 Glant, M., Kfm., Ch. 2, Kantstr. 4.
Merk. 5855 Glant & Singer, Tepiche, Friedr.-Str.
Mpl. 13529 Glanternik, R., Leihhaus, SO. 26.
Steph. 8649 Glantz, Fritz, Archit., Landshuterstr.
Ndn. (289) Glanz, Frau u. J., Schindlerhm, N. 4.
Kgst. 2942 Glanz, H., Geflügel, C. 25.
West. 947 Glanz, Benno, Kfm., Kaiserdamm 74.
Hnsa. 1228 Glanz, Br., Kol.-W., Emdenerstr. 18.
Stpl. 4859 Glanz, Frau Else, Nürnbergerstr. 1.
Ndn. 1309 Glanz, Ferd., Wohn.-Nachw., Bln. 43.
Merk. 146 Glanz, Max, Konfekt., Werd. Markt.
Rhg. 8851 Glanz, Rafael, Chefredakt., Friedenau.
Neuk. 9930 Glanz, Willy, Konfekt., Mareschstr. 3.
Stegl. 376 Glanzfäden-A.-G., Dahlem, U. d. E. 88.
Cöp. 753-755 Glanzfilm A.-G., Friedrichshag.-Str.
Nldf. 5598 Glanzol-Ges., Kreuzbergstr. 4.
Mb. 8080 Glaviak, J., Kaseb.-Str., Bandelstr. 7.
Nldf. 8733 Glar. 9585 Glas G. m. b. H., W. 57.
Merk. 5706 Glas, A., Musikalienhdl., Markgr.-Str. 46.
Ndn. 9268 Glas, David, Schlächter, Dragonerstr. 36.
Ndn. 9074 Glas, J., Möbelhdlg., Rosenth. Str. 58.
Stegl. 4420 Glas, J. V., Kfm., Viomvillestr. 12.
Neuk. 2825 Glas, Josef, Sackbr., Schillingstr. 9.
Bism. 3971 Glas & A. Gerschel, Archit., Charl. 4.
Lzw. 4793 Glas & Lohr, Masch.-Fbr., W. 35.
Kurf. 7110 Glasa, M., Modesalon, Kurf.-Str. 24.
Pfzb. 7968 Glasar, R., Bankbeamter, Halensee.
Mpl. 11171 Glas-Beleuchtungskörper, SO. 16.
Mpl. 1238 Glasberg, M., Juwelen, Brunnenstr. 22.
Alex. 1791 Glasberg, M., Möbel, Frankf.-Str. 7.
Kgst. (3302) Glasberg, Phil., Landsb.-Allee 2.
Lzw. 2262 Glas-Berufsgenossenschaft, W. 57.
Kgst. 435 Glasbuchstaben-Fbr., N.-Fried.-Str. 61.
Mpl. 14950 Glasbuchst.-Fbr., Waldstr. 23a.
Mpl. 16955 Gläscher, Willy, Prok., Albertinenstr.
Uhld. (5239) Glaschewski, J., Plakate, Wilm.
Kgst. 9449 Glaschinski, Rich., Partiew., O. 17.
